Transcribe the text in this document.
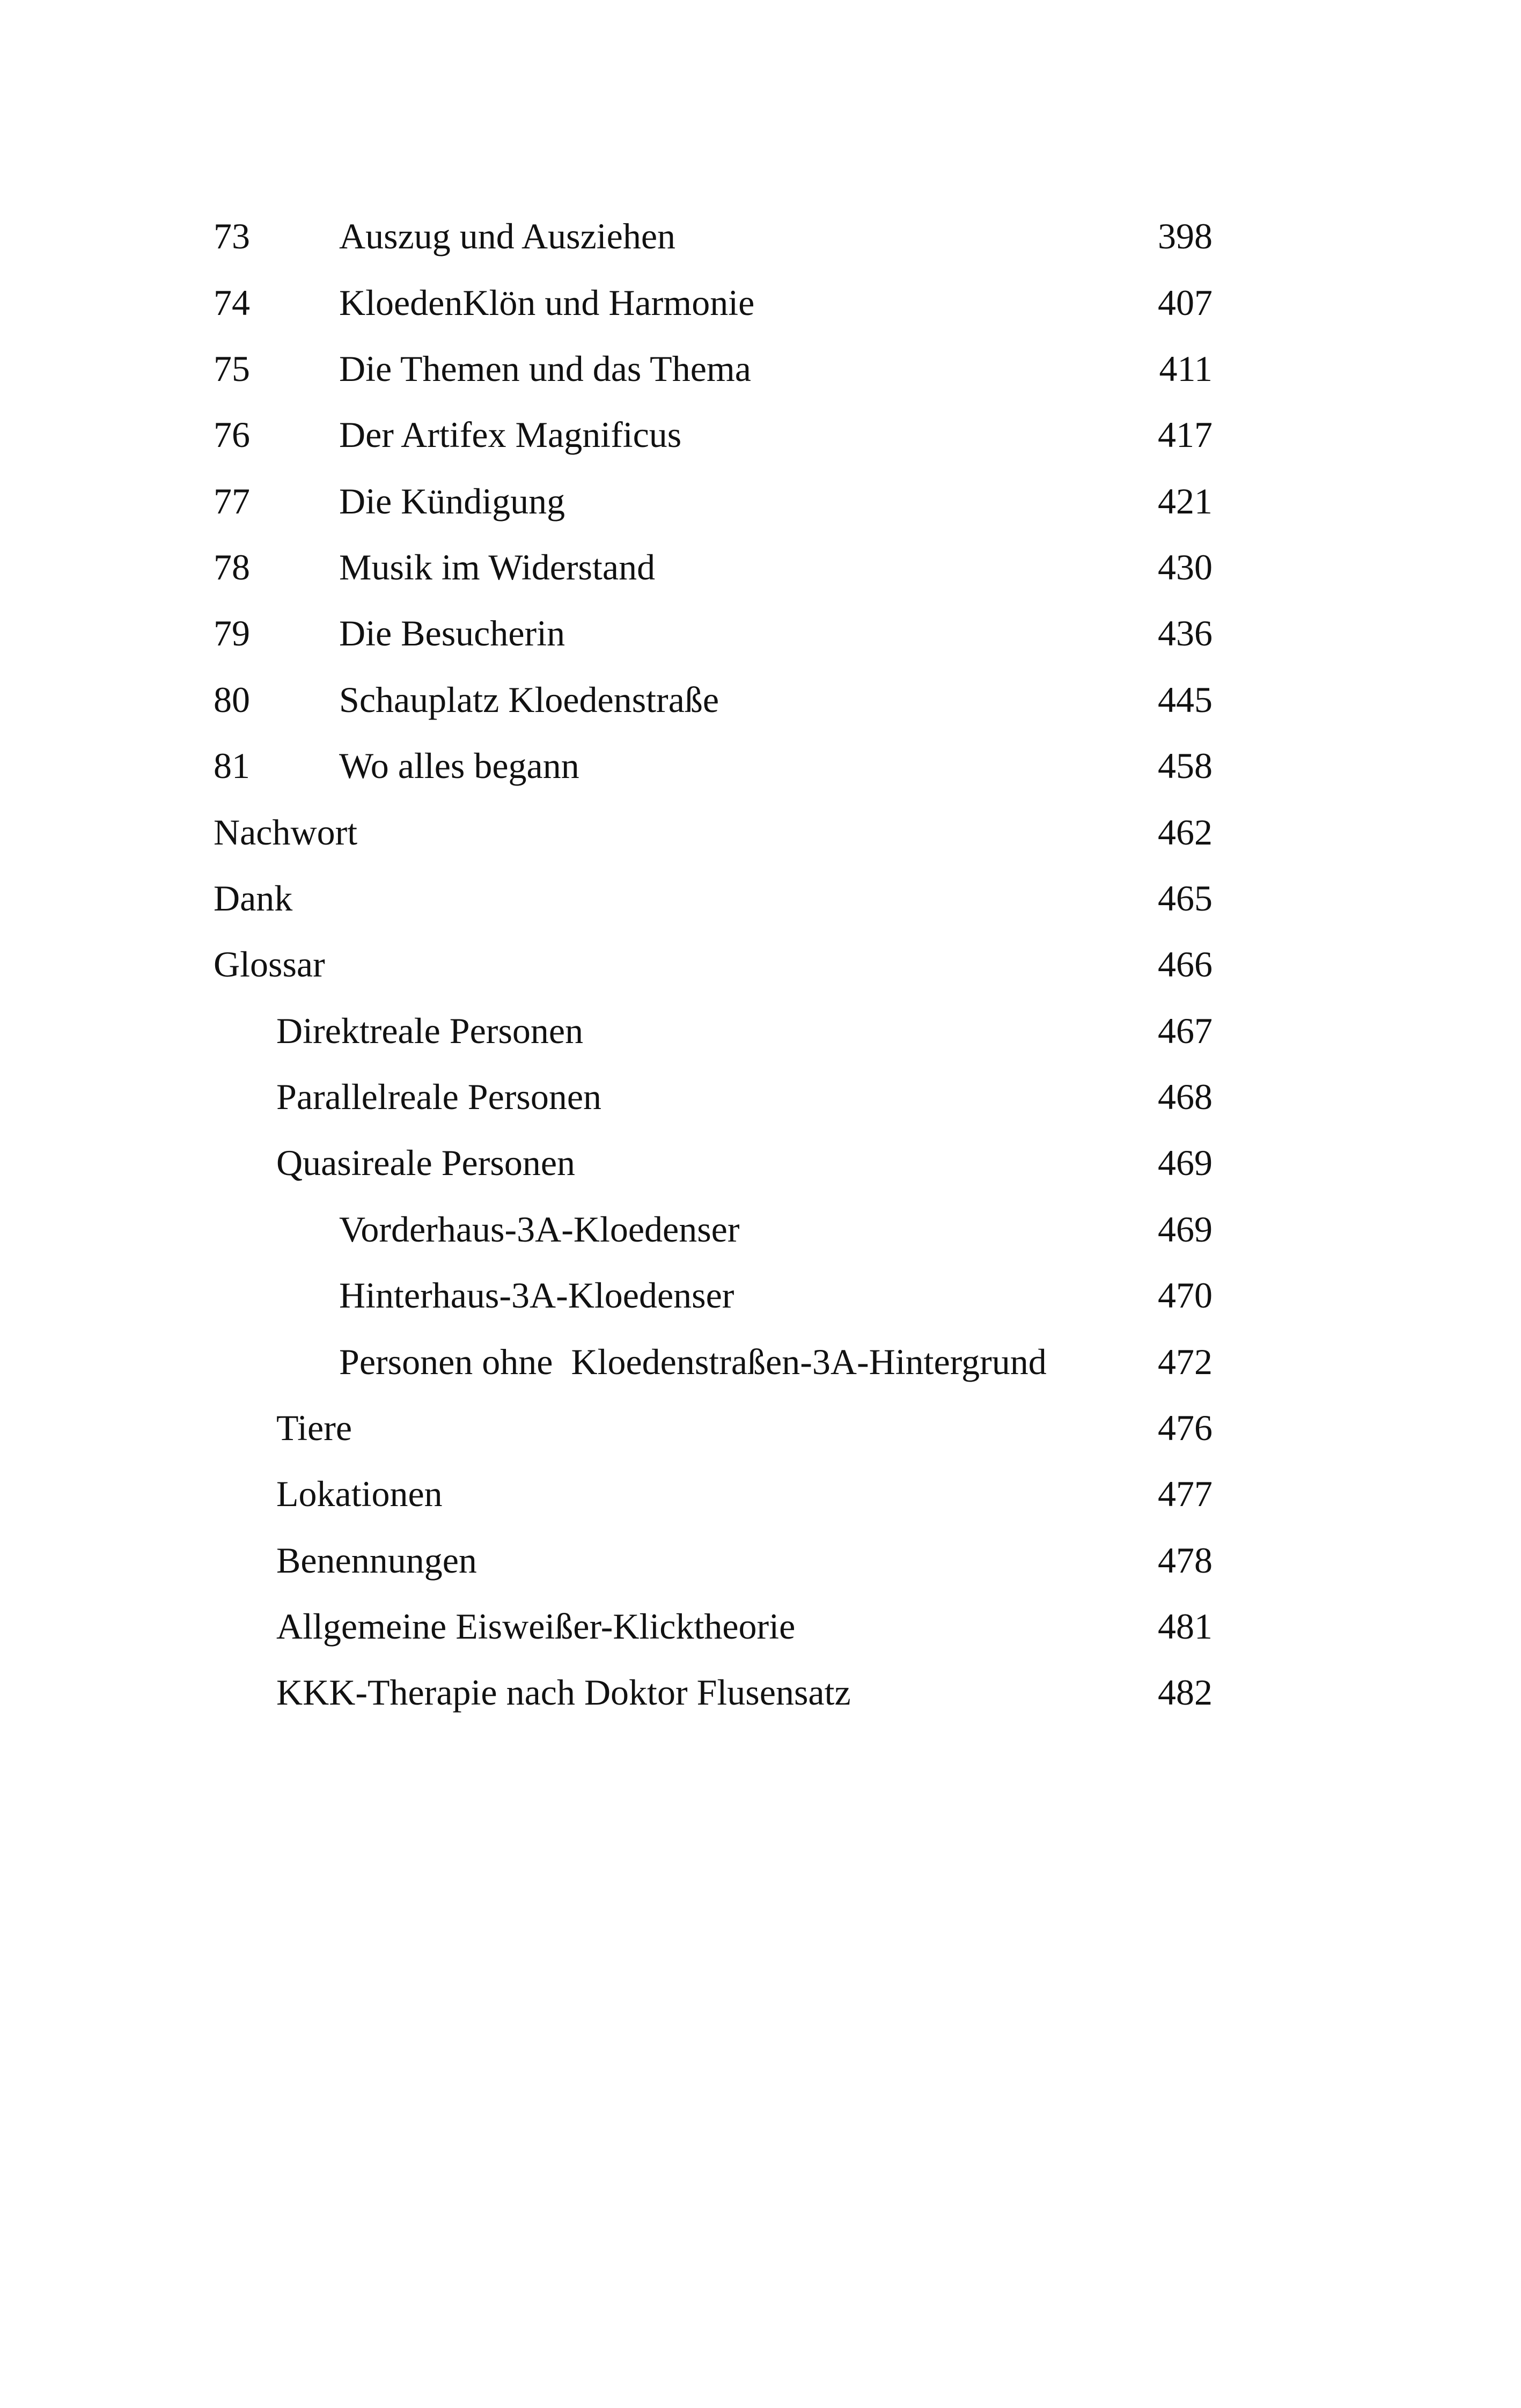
73 Auszug und Ausziehen	398
74 KloedenKlön und Harmonie	407
75 Die Themen und das Thema	411
76 Der Artifex Magnificus	417
77 Die Kündigung	421
78 Musik im Widerstand	430
79 Die Besucherin	436
80 Schauplatz Kloedenstraße	445
81 Wo alles begann	458
Nachwort	462
Dank	465
Glossar	466
Direktreale Personen	467
Parallelreale Personen	468
Quasireale Personen	469
Vorderhaus-3A-Kloedenser	469
Hinterhaus-3A-Kloedenser	470
Personen ohne  Kloedenstraßen-3A-Hintergrund	472
Tiere	476
Lokationen	477
Benennungen	478
Allgemeine Eisweißer-Klicktheorie	481
KKK-Therapie nach Doktor Flusensatz	482
